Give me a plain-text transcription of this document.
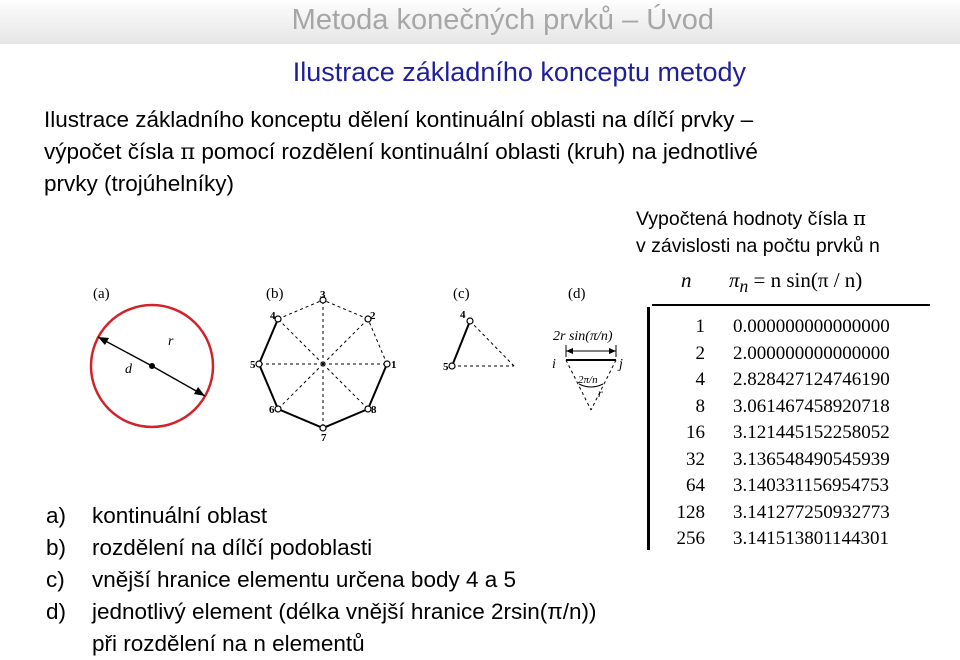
Metoda konečných prvků – Úvod
Ilustrace základního konceptu metody
Ilustrace základního konceptu dělení kontinuální oblasti na dílčí prvky –
výpočet čísla π pomocí rozdělení kontinuální oblasti (kruh) na jednotlivé
prvky (trojúhelníky)
(a)
r
d
(b)
1
2
3
4
5
6
7
8
(c)
4
5
(d)
2r sin(π/n)
i	j
2π/n
r
Vypočtená hodnoty čísla π
v závislosti na počtu prvků n
n $\pi_n = n$ sin(π / n)
1 0.000000000000000
2 2.000000000000000
4 2.828427124746190
8 3.061467458920718
16 3.121445152258052
32 3.136548490545939
64 3.140331156954753
128 3.141277250932773
256 3.141513801144301
a) kontinuální oblast
b) rozdělení na dílčí podoblasti
c) vnější hranice elementu určena body 4 a 5
d) jednotlivý element (délka vnější hranice 2rsin(π/n))
při rozdělení na n elementů
